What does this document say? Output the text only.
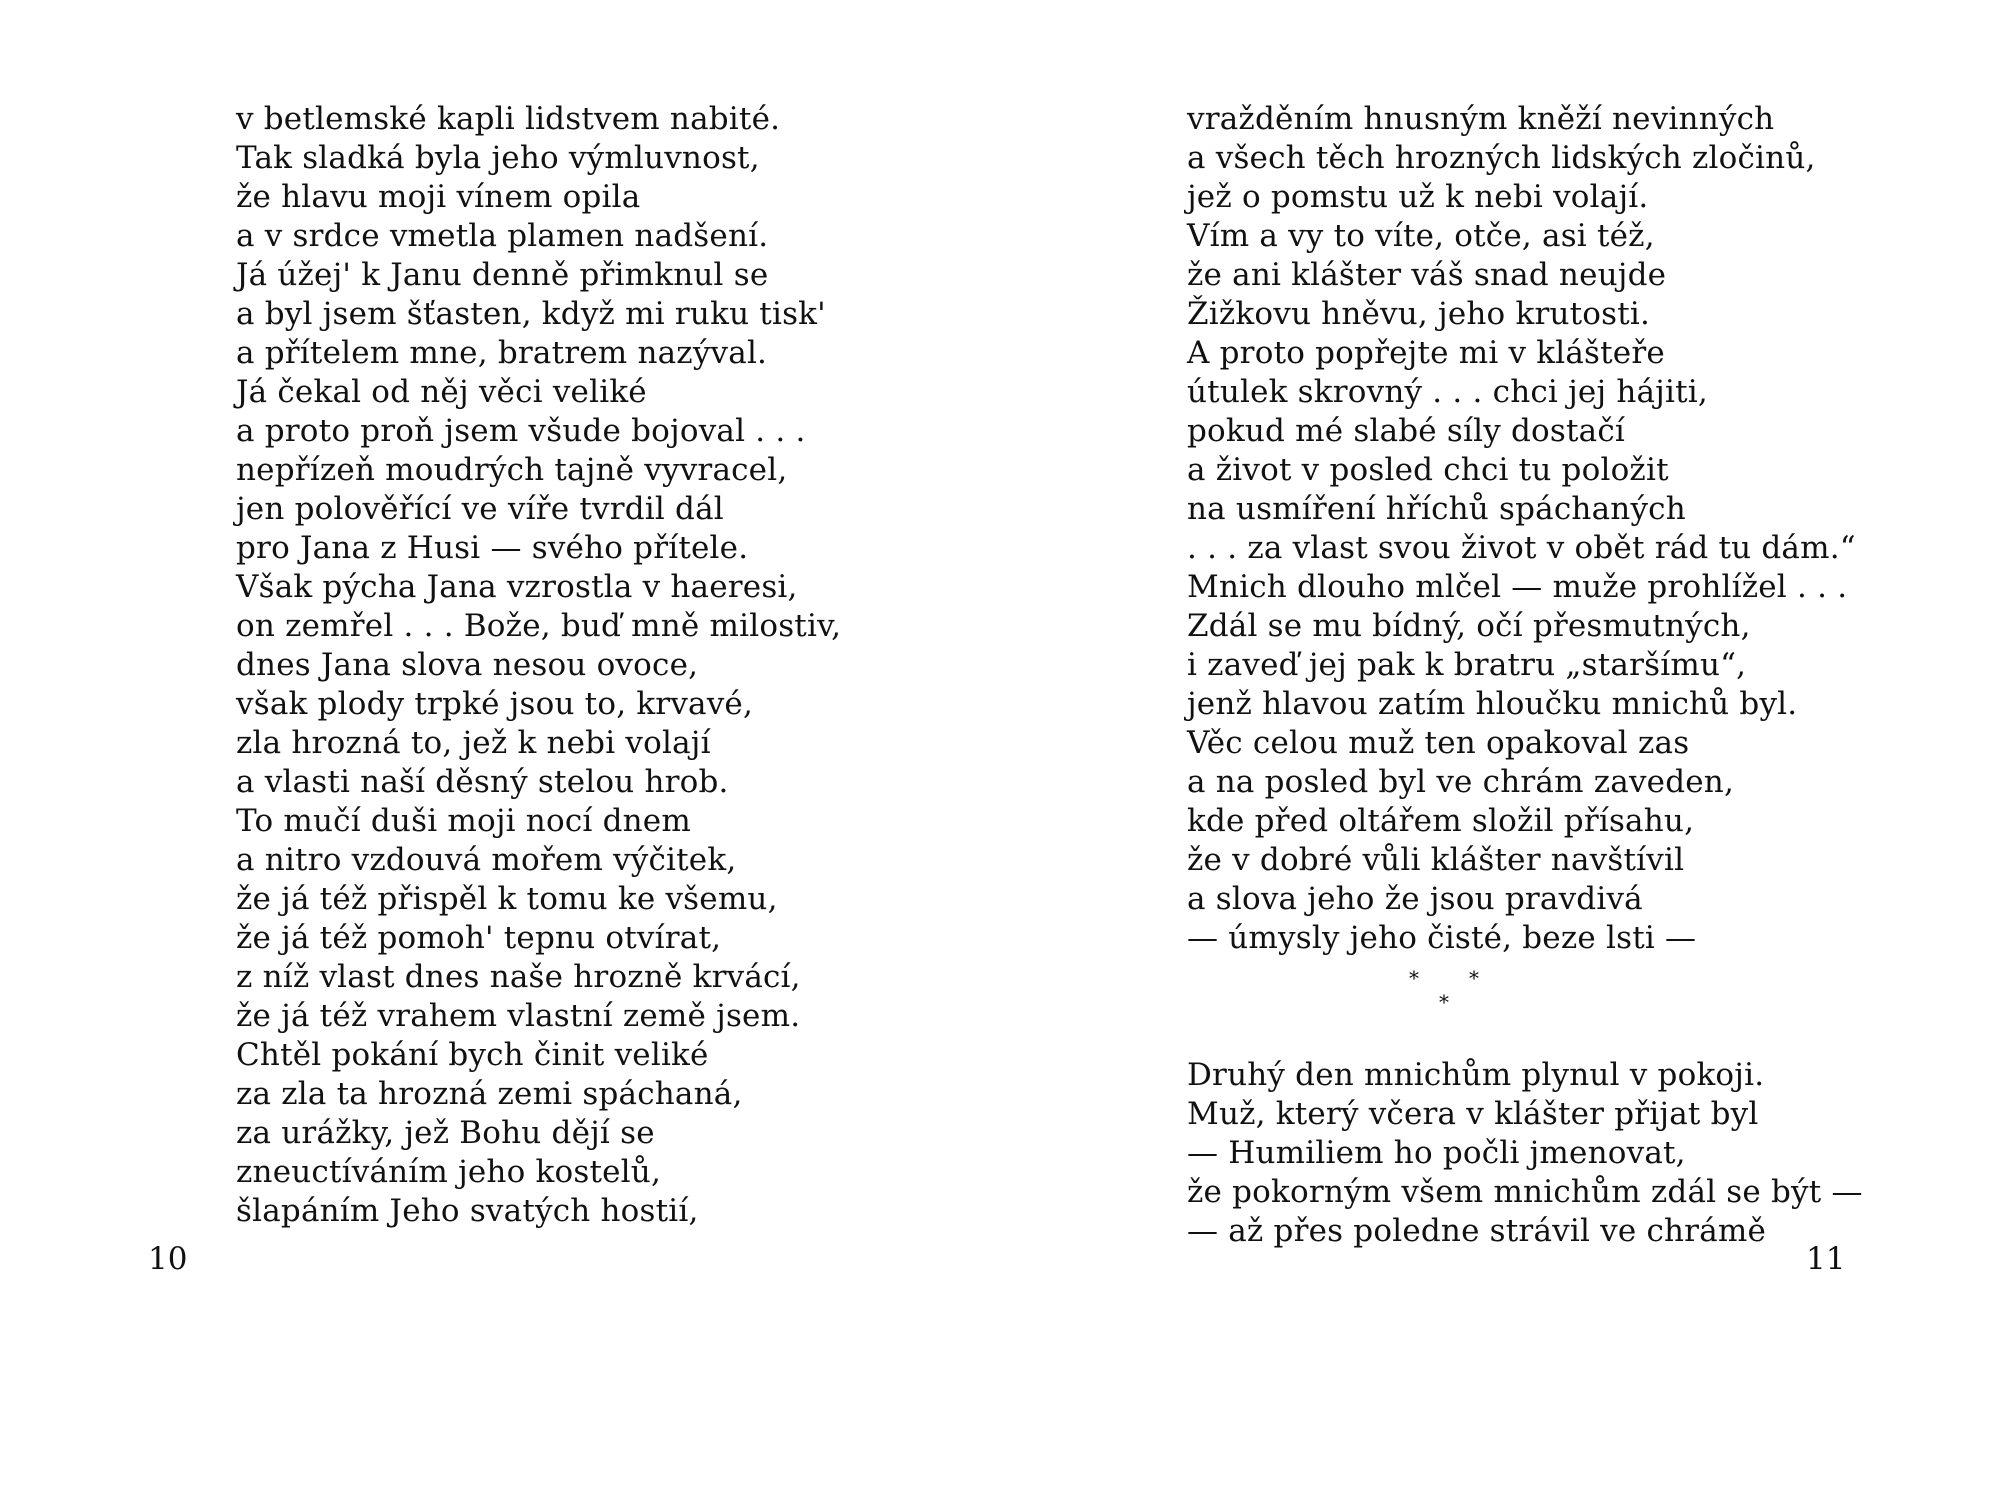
v betlemské kapli lidstvem nabité.
Tak sladká byla jeho výmluvnost,
že hlavu moji vínem opila
a v srdce vmetla plamen nadšení.
Já úžej' k Janu denně přimknul se
a byl jsem šťasten, když mi ruku tisk'
a přítelem mne, bratrem nazýval.
Já čekal od něj věci veliké
a proto proň jsem všude bojoval . . .
nepřízeň moudrých tajně vyvracel,
jen polověřící ve víře tvrdil dál
pro Jana z Husi — svého přítele.
Však pýcha Jana vzrostla v haeresi,
on zemřel . . . Bože, buď mně milostiv,
dnes Jana slova nesou ovoce,
však plody trpké jsou to, krvavé,
zla hrozná to, jež k nebi volají
a vlasti naší děsný stelou hrob.
To mučí duši moji nocí dnem
a nitro vzdouvá mořem výčitek,
že já též přispěl k tomu ke všemu,
že já též pomoh' tepnu otvírat,
z níž vlast dnes naše hrozně krvácí,
že já též vrahem vlastní země jsem.
Chtěl pokání bych činit veliké
za zla ta hrozná zemi spáchaná,
za urážky, jež Bohu dějí se
zneuctíváním jeho kostelů,
šlapáním Jeho svatých hostií,
10
vražděním hnusným kněží nevinných
a všech těch hrozných lidských zločinů,
jež o pomstu už k nebi volají.
Vím a vy to víte, otče, asi též,
že ani klášter váš snad neujde
Žižkovu hněvu, jeho krutosti.
A proto popřejte mi v klášteře
útulek skrovný . . . chci jej hájiti,
pokud mé slabé síly dostačí
a život v posled chci tu položit
na usmíření hříchů spáchaných
. . . za vlast svou život v obět rád tu dám.“
Mnich dlouho mlčel — muže prohlížel . . .
Zdál se mu bídný, očí přesmutných,
i zaveď jej pak k bratru „staršímu“,
jenž hlavou zatím hloučku mnichů byl.
Věc celou muž ten opakoval zas
a na posled byl ve chrám zaveden,
kde před oltářem složil přísahu,
že v dobré vůli klášter navštívil
a slova jeho že jsou pravdivá
— úmysly jeho čisté, beze lsti —
*	*
*
Druhý den mnichům plynul v pokoji.
Muž, který včera v klášter přijat byl
— Humiliem ho počli jmenovat,
že pokorným všem mnichům zdál se být —
— až přes poledne strávil ve chrámě
11
